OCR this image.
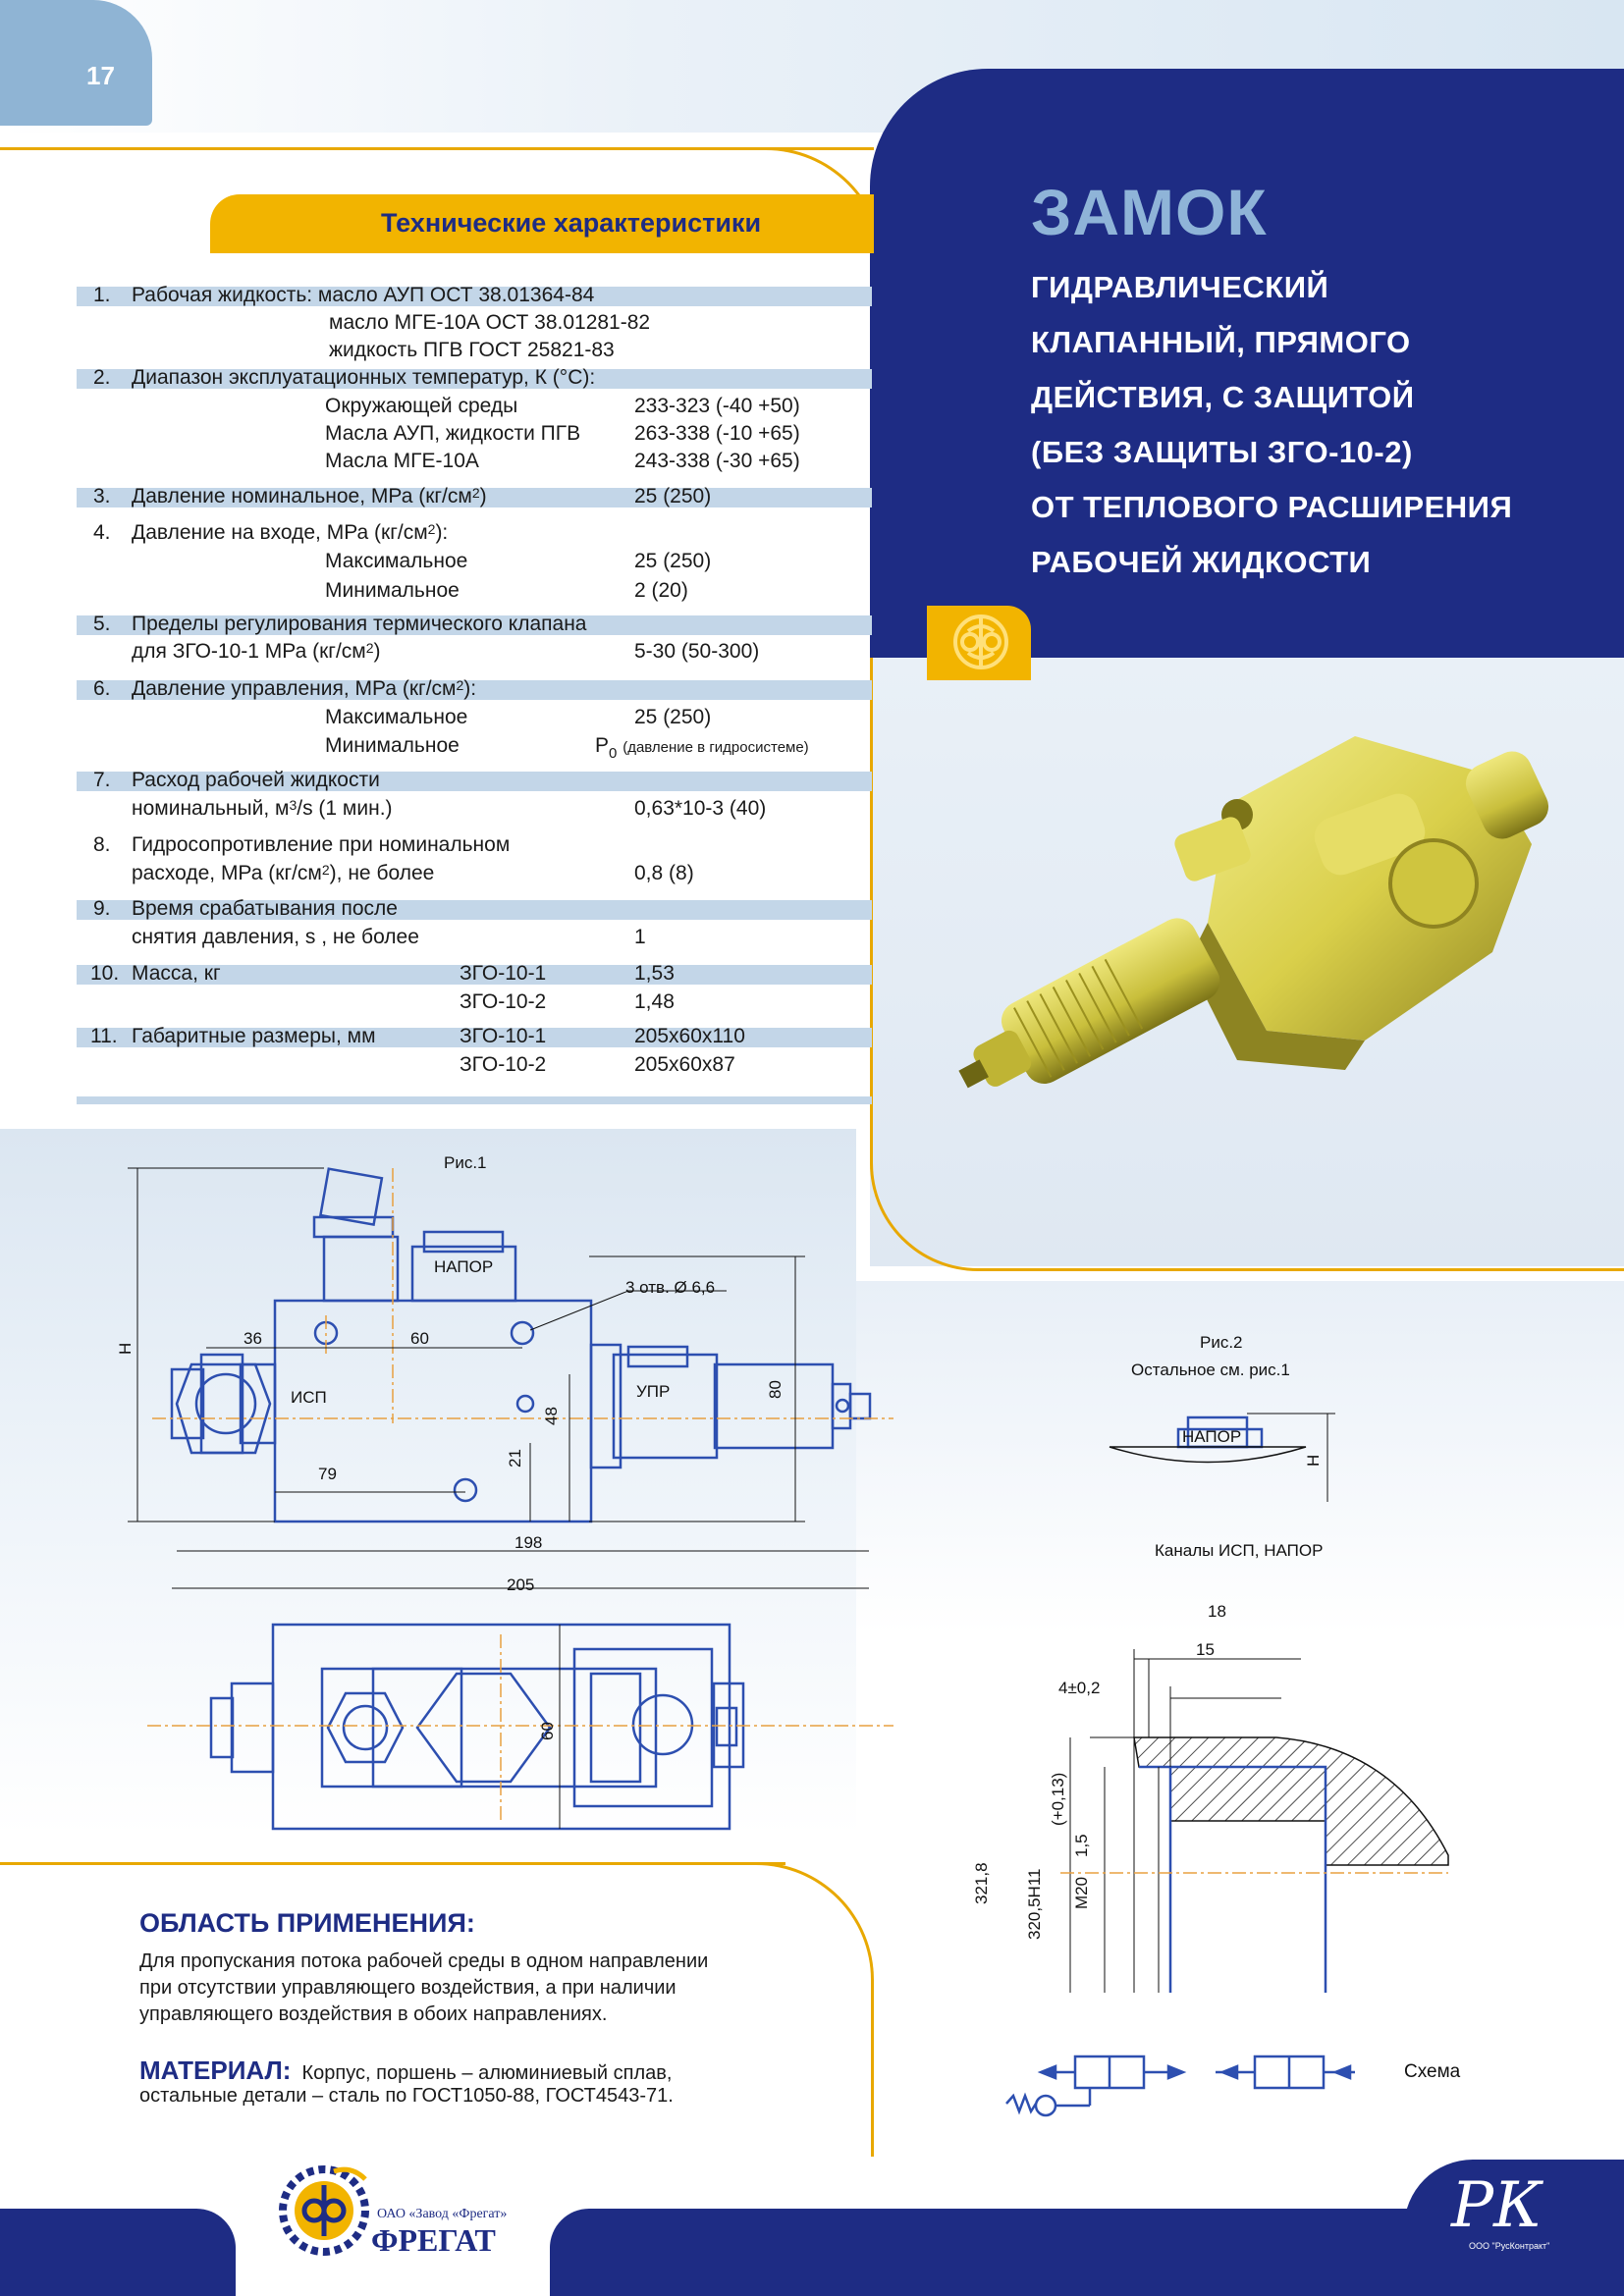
17
ЗАМОК
ГИДРАВЛИЧЕСКИЙ
КЛАПАННЫЙ, ПРЯМОГО
ДЕЙСТВИЯ, С ЗАЩИТОЙ
(БЕЗ ЗАЩИТЫ ЗГО-10-2)
ОТ ТЕПЛОВОГО РАСШИРЕНИЯ
РАБОЧЕЙ ЖИДКОСТИ
Технические характеристики
1. Рабочая жидкость: масло АУП ОСТ 38.01364-84
масло МГЕ-10А ОСТ 38.01281-82
жидкость ПГВ ГОСТ 25821-83
2. Диапазон эксплуатационных температур, К (°С):
Окружающей среды	233-323 (-40 +50)
Масла АУП, жидкости ПГВ	263-338 (-10 +65)
Масла МГЕ-10А	243-338 (-30 +65)
3. Давление номинальное, МРа $(кг/см^2)$	25 (250)
4. Давление на входе, МРа $(кг/см^2)$:
Максимальное	25 (250)
Минимальное	2 (20)
5. Пределы регулирования термического клапана
для ЗГО-10-1 МРа $(кг/см^2)$	5-30 (50-300)
6. Давление управления, МРа $(кг/см^2)$:
Максимальное	25 (250)
Минимальное	$Р_0$ (давление в гидросистеме)
7. Расход рабочей жидкости
номинальный, $м^3/s$ (1 мин.)	0,63*10-3 (40)
8. Гидросопротивление при номинальном
расходе, МРа $(кг/см^2)$, не более	0,8 (8)
9. Время срабатывания после
снятия давления, s , не более	1
10. Масса, кг	ЗГО-10-1	1,53
ЗГО-10-2	1,48
11. Габаритные размеры, мм	ЗГО-10-1	205х60х110
ЗГО-10-2	205х60х87
Рис.1
НАПОР
3 отв. Ø 6,6
H
36	60
ИСП	УПР	80
48
21
79
198
205
60
Рис.2
Остальное см. рис.1
НАПОР
H
Каналы ИСП, НАПОР
18
15
4±0,2
321,8 320,5H11
(+0,13)
M20
1,5
Схема
ОБЛАСТЬ ПРИМЕНЕНИЯ:
Для пропускания потока рабочей среды в одном направлении
при отсутствии управляющего воздействия, а при наличии
управляющего воздействия в обоих направлениях.
МАТЕРИАЛ: Корпус, поршень – алюминиевый сплав,
остальные детали – сталь по ГОСТ1050-88, ГОСТ4543-71.
ОАО «Завод «Фрегат»
ФРЕГАТ	РК
ООО "РусКонтракт"
